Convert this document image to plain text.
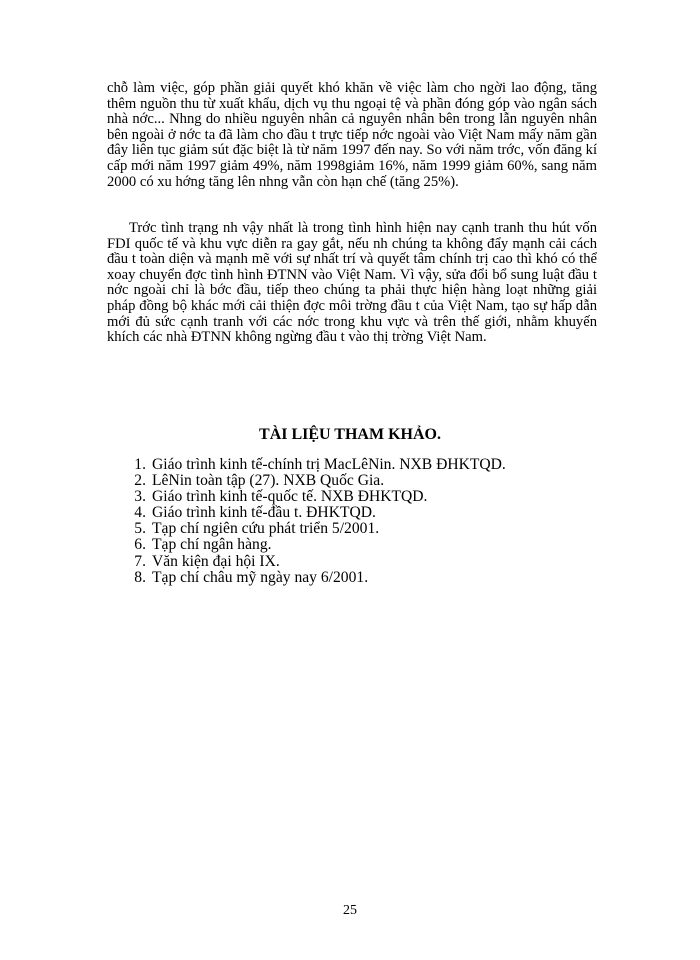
chỗ làm việc, góp phần giải quyết khó khăn về việc làm cho ngời lao động, tăng thêm nguồn thu từ xuất khẩu, dịch vụ thu ngoại tệ và phần đóng góp vào ngân sách nhà nớc... Nhng do nhiều nguyên nhân cả nguyên nhân bên trong lẫn nguyên nhân bên ngoài ở nớc ta đã làm cho đầu t trực tiếp nớc ngoài vào Việt Nam mấy năm gần đây liên tục giảm sút đặc biệt là từ năm 1997 đến nay. So với năm trớc, vốn đăng kí cấp mới năm 1997 giảm 49%, năm 1998giảm 16%, năm 1999 giảm 60%, sang năm 2000 có xu hớng tăng lên nhng vẫn còn hạn chế (tăng 25%).

Trớc tình trạng nh vậy nhất là trong tình hình hiện nay cạnh tranh thu hút vốn FDI quốc tế và khu vực diễn ra gay gắt, nếu nh chúng ta không đẩy mạnh cải cách đầu t toàn diện và mạnh mẽ với sự nhất trí và quyết tâm chính trị cao thì khó có thể xoay chuyển đợc tình hình ĐTNN vào Việt Nam. Vì vậy, sửa đổi bổ sung luật đầu t nớc ngoài chỉ là bớc đầu, tiếp theo chúng ta phải thực hiện hàng loạt những giải pháp đồng bộ khác mới cải thiện đợc môi trờng đầu t của Việt Nam, tạo sự hấp dẫn mới đủ sức cạnh tranh với các nớc trong khu vực và trên thế giới, nhằm khuyến khích các nhà ĐTNN không ngừng đầu t vào thị trờng Việt Nam.

TÀI LIỆU THAM KHẢO.
1. Giáo trình kinh tế-chính trị MacLêNin. NXB ĐHKTQD.
2. LêNin toàn tập (27). NXB Quốc Gia.
3. Giáo trình kinh tế-quốc tế. NXB ĐHKTQD.
4. Giáo trình kinh tế-đầu t. ĐHKTQD.
5. Tạp chí ngiên cứu phát triển 5/2001.
6. Tạp chí ngân hàng.
7. Văn kiện đại hội IX.
8. Tạp chí châu mỹ ngày nay 6/2001.

25
